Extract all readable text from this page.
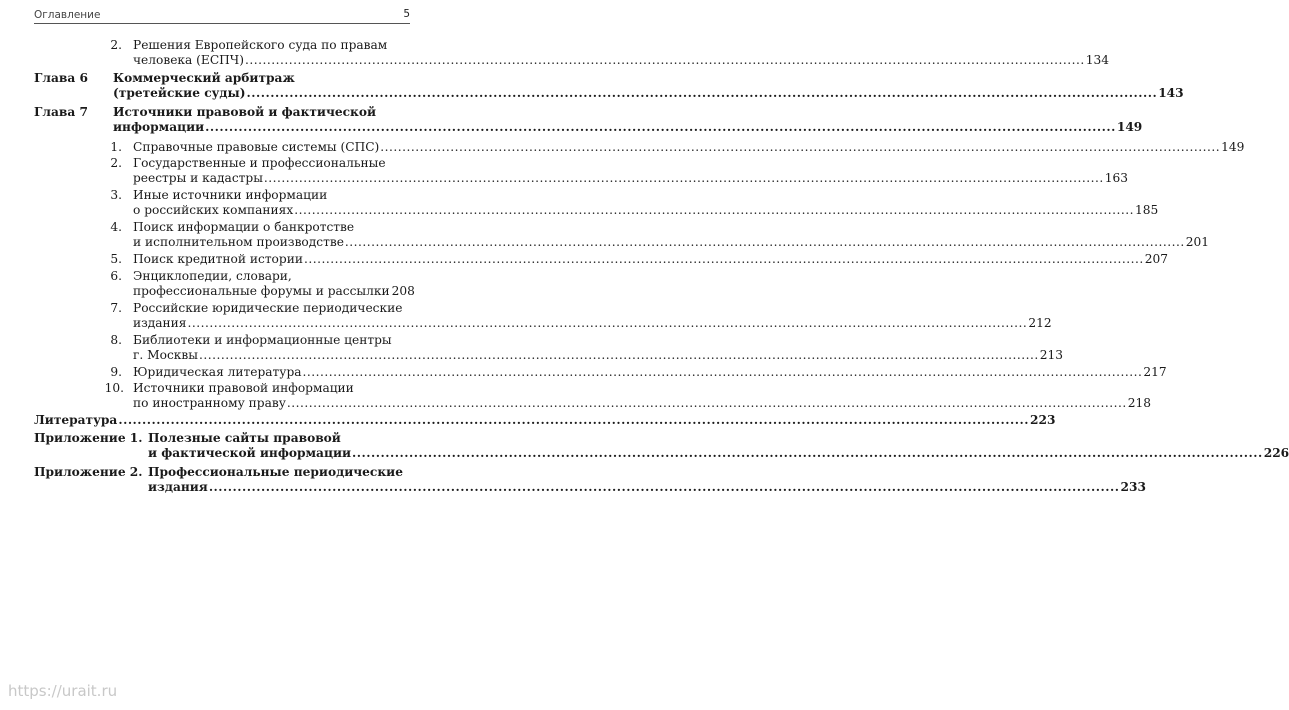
Оглавление	5
2. Решения Европейского суда по правам
человека (ЕСПЧ) .....	134
Глава 6 Коммерческий арбитраж
(третейские суды) .....	143
Глава 7 Источники правовой и фактической
информации .....	149
1. Справочные правовые системы (СПС) .....	149
2. Государственные и профессиональные
реестры и кадастры .....	163
3. Иные источники информации
о российских компаниях .....	185
4. Поиск информации о банкротстве
и исполнительном производстве .....	201
5. Поиск кредитной истории .....	207
6. Энциклопедии, словари,
профессиональные форумы и рассылки 208
7. Российские юридические периодические
издания .....	212
8. Библиотеки и информационные центры
г. Москвы .....	213
9. Юридическая литература .....	217
10. Источники правовой информации
по иностранному праву .....	218
Литература .....	223
Приложение 1. Полезные сайты правовой
и фактической информации .....	226
Приложение 2. Профессиональные периодические
издания .....	233
https://urait.ru
